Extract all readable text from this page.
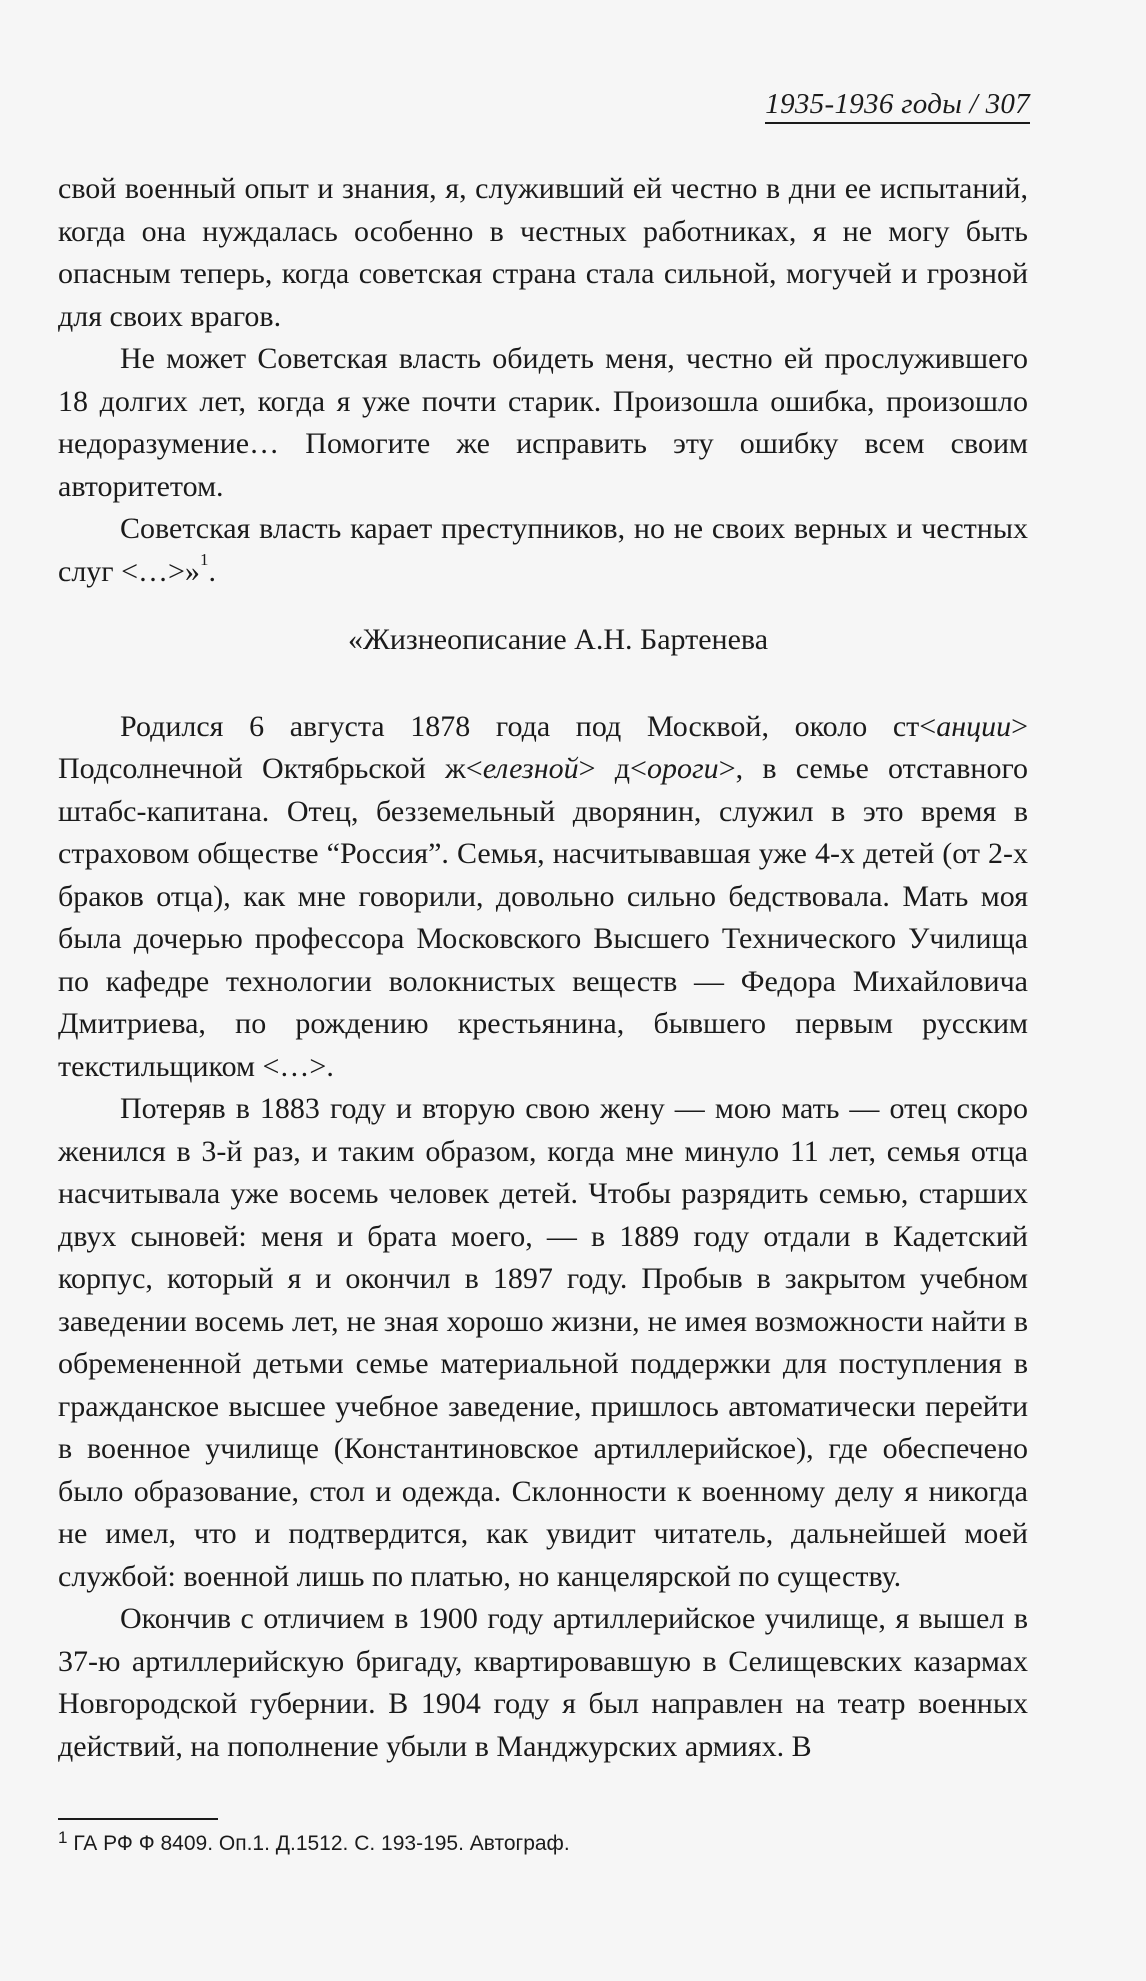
1935-1936 годы / 307

свой военный опыт и знания, я, служивший ей честно в дни ее испытаний, когда она нуждалась особенно в честных работниках, я не могу быть опасным теперь, когда советская страна стала сильной, могучей и грозной для своих врагов.

Не может Советская власть обидеть меня, честно ей прослужившего 18 долгих лет, когда я уже почти старик. Произошла ошибка, произошло недоразумение… Помогите же исправить эту ошибку всем своим авторитетом.

Советская власть карает преступников, но не своих верных и честных слуг <…>»$^1$.

«Жизнеописание А.Н. Бартенева

Родился 6 августа 1878 года под Москвой, около ст<анции> Подсолнечной Октябрьской ж<елезной> д<ороги>, в семье отставного штабс-капитана. Отец, безземельный дворянин, служил в это время в страховом обществе “Россия”. Семья, насчитывавшая уже 4-х детей (от 2-х браков отца), как мне говорили, довольно сильно бедствовала. Мать моя была дочерью профессора Московского Высшего Технического Училища по кафедре технологии волокнистых веществ — Федора Михайловича Дмитриева, по рождению крестьянина, бывшего первым русским текстильщиком <…>.

Потеряв в 1883 году и вторую свою жену — мою мать — отец скоро женился в 3-й раз, и таким образом, когда мне минуло 11 лет, семья отца насчитывала уже восемь человек детей. Чтобы разрядить семью, старших двух сыновей: меня и брата моего, — в 1889 году отдали в Кадетский корпус, который я и окончил в 1897 году. Пробыв в закрытом учебном заведении восемь лет, не зная хорошо жизни, не имея возможности найти в обремененной детьми семье материальной поддержки для поступления в гражданское высшее учебное заведение, пришлось автоматически перейти в военное училище (Константиновское артиллерийское), где обеспечено было образование, стол и одежда. Склонности к военному делу я никогда не имел, что и подтвердится, как увидит читатель, дальнейшей моей службой: военной лишь по платью, но канцелярской по существу.

Окончив с отличием в 1900 году артиллерийское училище, я вышел в 37-ю артиллерийскую бригаду, квартировавшую в Селищевских казармах Новгородской губернии. В 1904 году я был направлен на театр военных действий, на пополнение убыли в Манджурских армиях. В

$^1$ ГА РФ Ф 8409. Оп.1. Д.1512. С. 193-195. Автограф.
